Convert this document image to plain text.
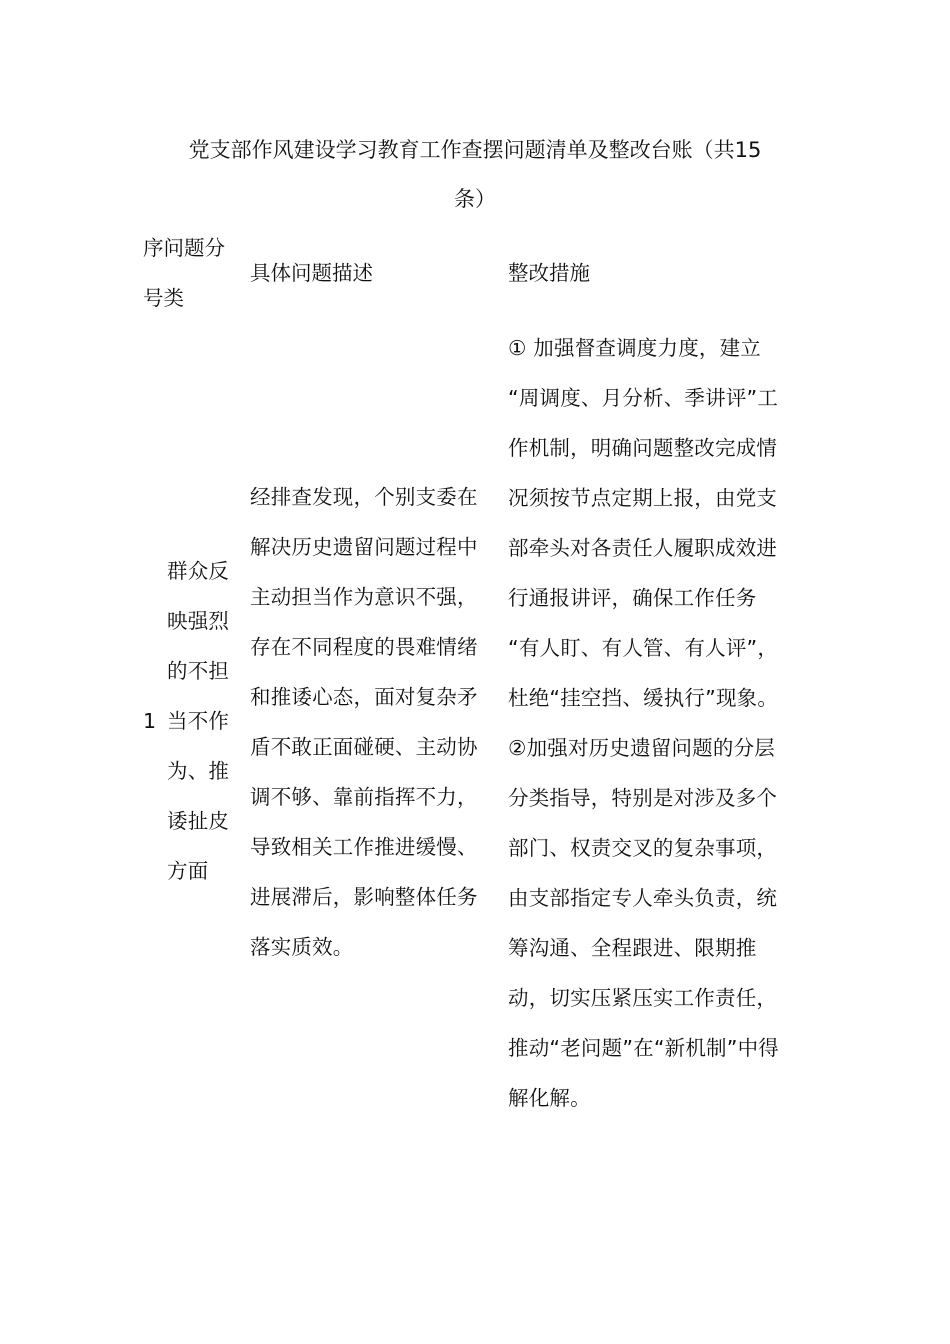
党支部作风建设学习教育工作查摆问题清单及整改台账（共15
条）
序问题分
号类
具体问题描述	整改措施
1
群众反
映强烈
的不担
当不作
为、推
诿扯皮
方面
经排查发现，个别支委在
解决历史遗留问题过程中
主动担当作为意识不强，
存在不同程度的畏难情绪
和推诿心态，面对复杂矛
盾不敢正面碰硬、主动协
调不够、靠前指挥不力，
导致相关工作推进缓慢、
进展滞后，影响整体任务
落实质效。
① 加强督查调度力度，建立
“周调度、月分析、季讲评”工
作机制，明确问题整改完成情
况须按节点定期上报，由党支
部牵头对各责任人履职成效进
行通报讲评，确保工作任务
“有人盯、有人管、有人评”，
杜绝“挂空挡、缓执行”现象。
②加强对历史遗留问题的分层
分类指导，特别是对涉及多个
部门、权责交叉的复杂事项，
由支部指定专人牵头负责，统
筹沟通、全程跟进、限期推
动，切实压紧压实工作责任，
推动“老问题”在“新机制”中得
解化解。
